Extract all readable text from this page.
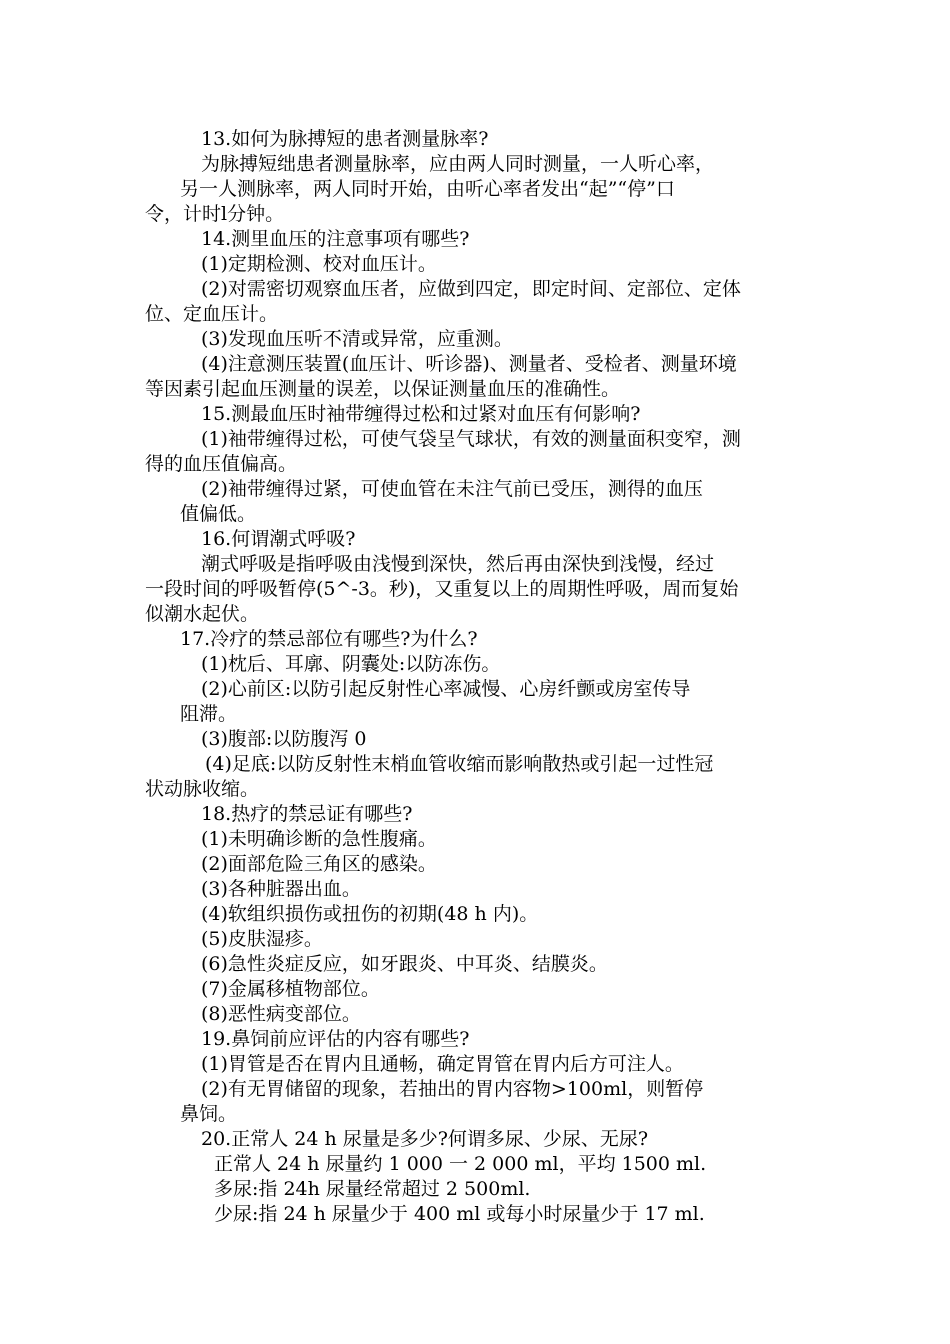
13.如何为脉搏短的患者测量脉率?

为脉搏短绌患者测量脉率，应由两人同时测量，一人听心率，

另一人测脉率，两人同时开始，由听心率者发出“起”“停”口

令，计时l分钟。

14.测里血压的注意事项有哪些?

(1)定期检测、校对血压计。

(2)对需密切观察血压者，应做到四定，即定时间、定部位、定体

位、定血压计。

(3)发现血压听不清或异常，应重测。

(4)注意测压装置(血压计、听诊器)、测量者、受检者、测量环境

等因素引起血压测量的误差，以保证测量血压的准确性。

15.测最血压时袖带缠得过松和过紧对血压有何影响?

(1)袖带缠得过松，可使气袋呈气球状，有效的测量面积变窄，测

得的血压值偏高。

(2)袖带缠得过紧，可使血管在未注气前已受压，测得的血压

值偏低。

16.何谓潮式呼吸?

潮式呼吸是指呼吸由浅慢到深快，然后再由深快到浅慢，经过

一段时间的呼吸暂停(5^-3。秒)，又重复以上的周期性呼吸，周而复始

似潮水起伏。

17.冷疗的禁忌部位有哪些?为什么?

(1)枕后、耳廓、阴囊处:以防冻伤。

(2)心前区:以防引起反射性心率减慢、心房纤颤或房室传导

阻滞。

(3)腹部:以防腹泻 0

(4)足底:以防反射性末梢血管收缩而影响散热或引起一过性冠

状动脉收缩。

18.热疗的禁忌证有哪些?

(1)未明确诊断的急性腹痛。

(2)面部危险三角区的感染。

(3)各种脏器出血。

(4)软组织损伤或扭伤的初期(48 h 内)。

(5)皮肤湿疹。

(6)急性炎症反应，如牙跟炎、中耳炎、结膜炎。

(7)金属移植物部位。

(8)恶性病变部位。

19.鼻饲前应评估的内容有哪些?

(1)胃管是否在胃内且通畅，确定胃管在胃内后方可注人。

(2)有无胃储留的现象，若抽出的胃内容物>100ml，则暂停

鼻饲。

20.正常人 24 h 尿量是多少?何谓多尿、少尿、无尿?

正常人 24 h 尿量约 1 000 一 2 000 ml，平均 1500 ml.

多尿:指 24h 尿量经常超过 2 500ml.

少尿:指 24 h 尿量少于 400 ml 或每小时尿量少于 17 ml.
